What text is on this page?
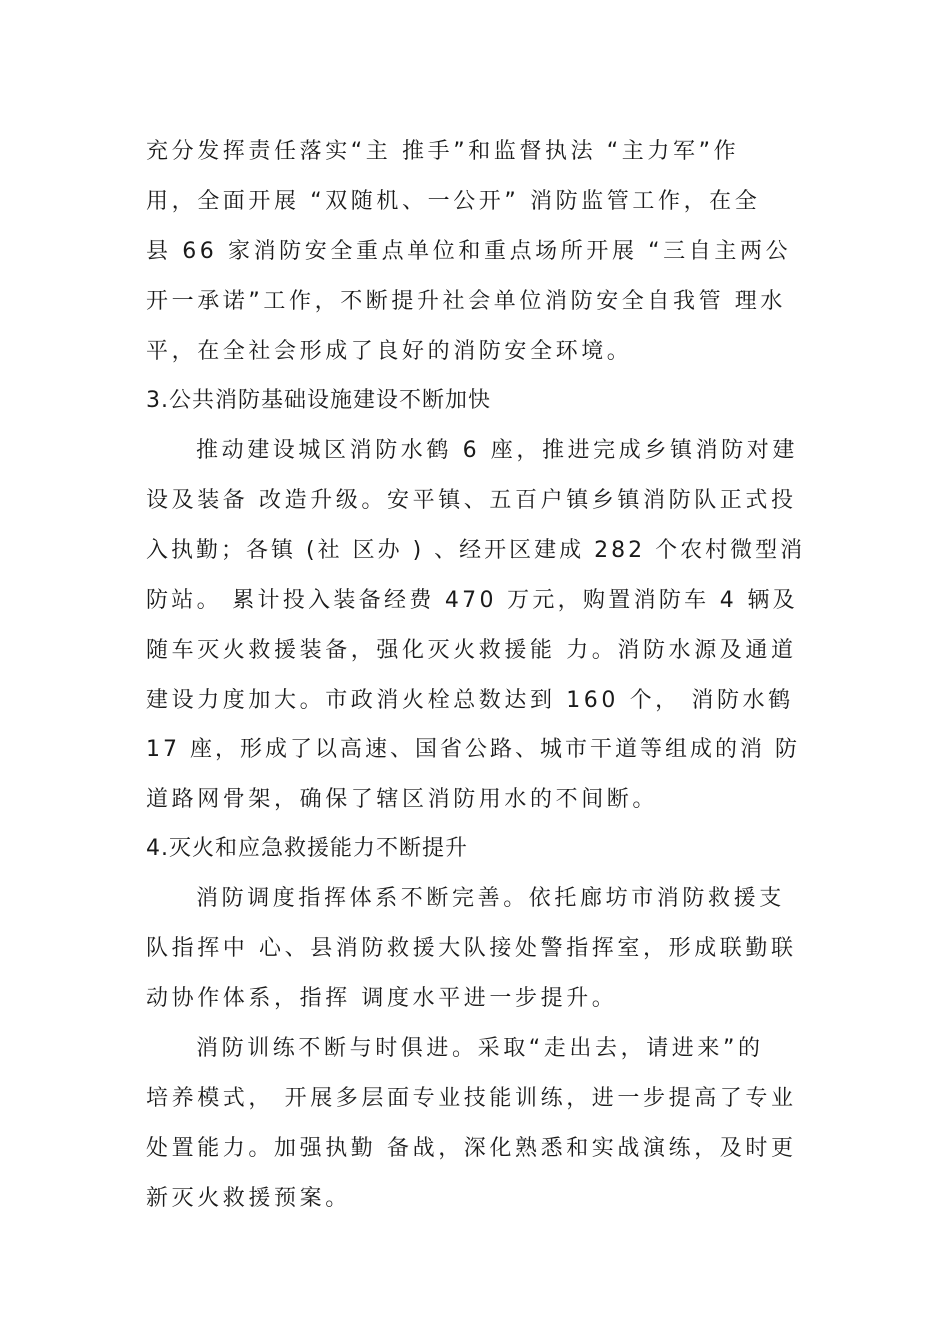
充分发挥责任落实“主 推手”和监督执法 “主力军”作
用，全面开展 “双随机、一公开” 消防监管工作，在全
县 66 家消防安全重点单位和重点场所开展 “三自主两公
开一承诺”工作，不断提升社会单位消防安全自我管 理水
平，在全社会形成了良好的消防安全环境。
3.公共消防基础设施建设不断加快
推动建设城区消防水鹤 6 座，推进完成乡镇消防对建
设及装备 改造升级。安平镇、五百户镇乡镇消防队正式投
入执勤；各镇 (社 区办 ) 、经开区建成 282 个农村微型消
防站。 累计投入装备经费 470 万元，购置消防车 4 辆及
随车灭火救援装备，强化灭火救援能 力。消防水源及通道
建设力度加大。市政消火栓总数达到 160 个， 消防水鹤
17 座，形成了以高速、国省公路、城市干道等组成的消 防
道路网骨架，确保了辖区消防用水的不间断。
4.灭火和应急救援能力不断提升
消防调度指挥体系不断完善。依托廊坊市消防救援支
队指挥中 心、县消防救援大队接处警指挥室，形成联勤联
动协作体系，指挥 调度水平进一步提升。
消防训练不断与时俱进。采取“走出去，请进来”的
培养模式， 开展多层面专业技能训练，进一步提高了专业
处置能力。加强执勤 备战，深化熟悉和实战演练，及时更
新灭火救援预案。
